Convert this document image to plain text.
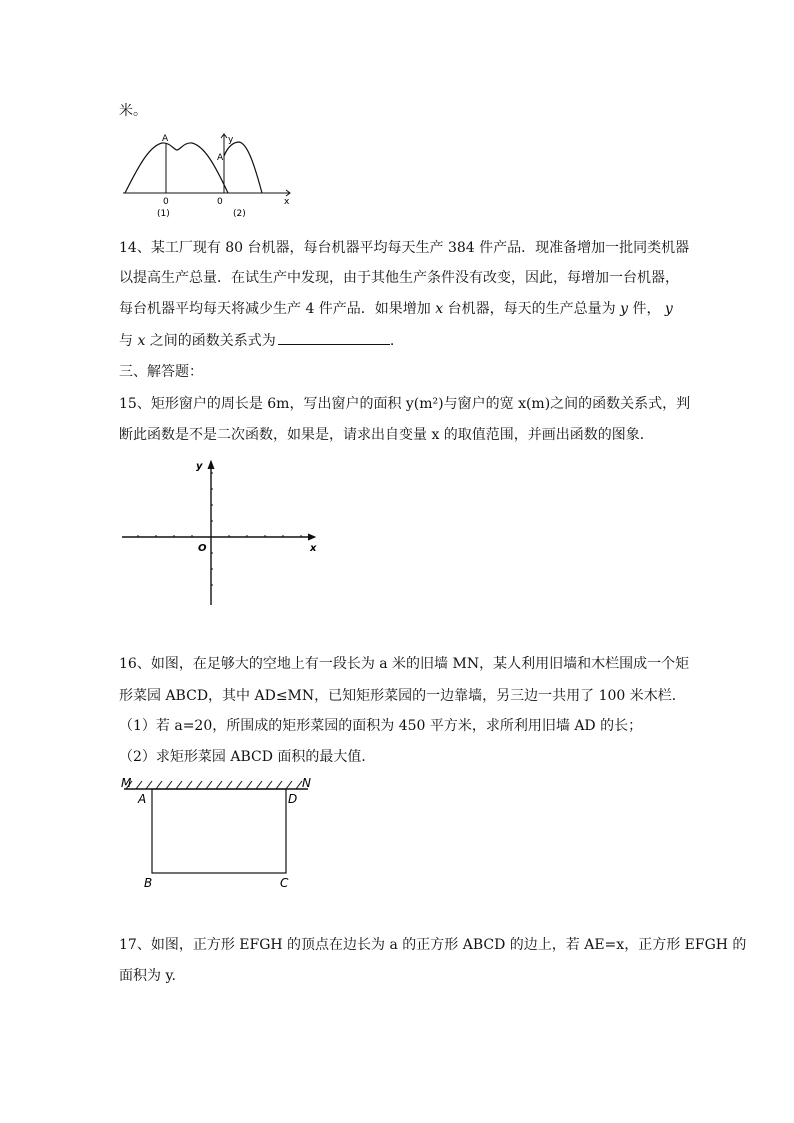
米。
A
0
(1)
y
A
0	x
(2)
14、某工厂现有 80 台机器，每台机器平均每天生产 384 件产品．现准备增加一批同类机器
以提高生产总量．在试生产中发现，由于其他生产条件没有改变，因此，每增加一台机器，
每台机器平均每天将减少生产 4 件产品．如果增加 x 台机器，每天的生产总量为 y 件， y
与 x 之间的函数关系式为	.
三、解答题：
15、矩形窗户的周长是 6m，写出窗户的面积 y(m²)与窗户的宽 x(m)之间的函数关系式，判
断此函数是不是二次函数，如果是，请求出自变量 x 的取值范围，并画出函数的图象．
y
x
O
16、如图，在足够大的空地上有一段长为 a 米的旧墙 MN，某人利用旧墙和木栏围成一个矩
形菜园 ABCD，其中 AD≤MN，已知矩形菜园的一边靠墙，另三边一共用了 100 米木栏．
（1）若 a=20，所围成的矩形菜园的面积为 450 平方米，求所利用旧墙 AD 的长；
（2）求矩形菜园 ABCD 面积的最大值．
M
A	D
N
B	C
17、如图，正方形 EFGH 的顶点在边长为 a 的正方形 ABCD 的边上，若 AE=x，正方形 EFGH 的
面积为 y.
